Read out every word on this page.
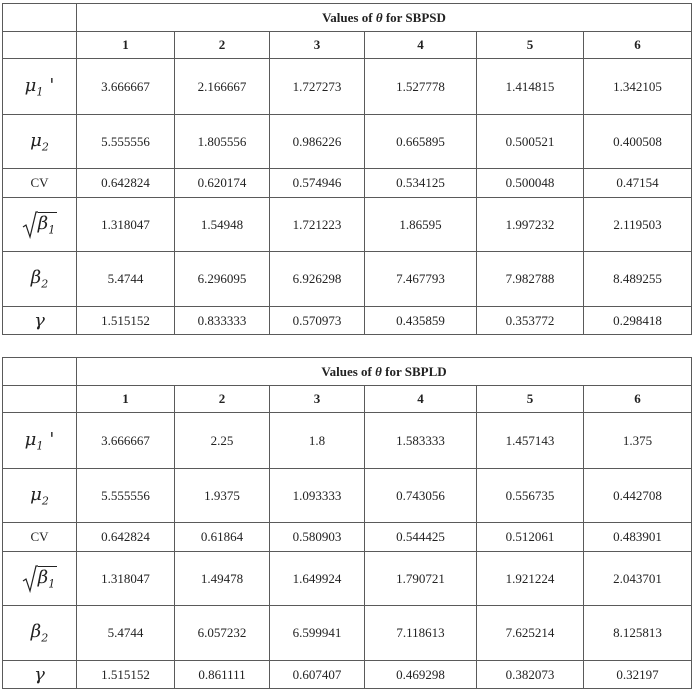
	Values of θ for SBPSD					
	1	2	3	4	5	6
$\mu_1$ '	3.666667	2.166667	1.727273	1.527778	1.414815	1.342105
$\mu_2$	5.555556	1.805556	0.986226	0.665895	0.500521	0.400508
CV	0.642824	0.620174	0.574946	0.534125	0.500048	0.47154
$\beta_1$	1.318047	1.54948	1.721223	1.86595	1.997232	2.119503
$\beta_2$	5.4744	6.296095	6.926298	7.467793	7.982788	8.489255
γ	1.515152	0.833333	0.570973	0.435859	0.353772	0.298418
	Values of θ for SBPLD					
	1	2	3	4	5	6
$\mu_1$ '	3.666667	2.25	1.8	1.583333	1.457143	1.375
$\mu_2$	5.555556	1.9375	1.093333	0.743056	0.556735	0.442708
CV	0.642824	0.61864	0.580903	0.544425	0.512061	0.483901
$\beta_1$	1.318047	1.49478	1.649924	1.790721	1.921224	2.043701
$\beta_2$	5.4744	6.057232	6.599941	7.118613	7.625214	8.125813
γ	1.515152	0.861111	0.607407	0.469298	0.382073	0.32197
